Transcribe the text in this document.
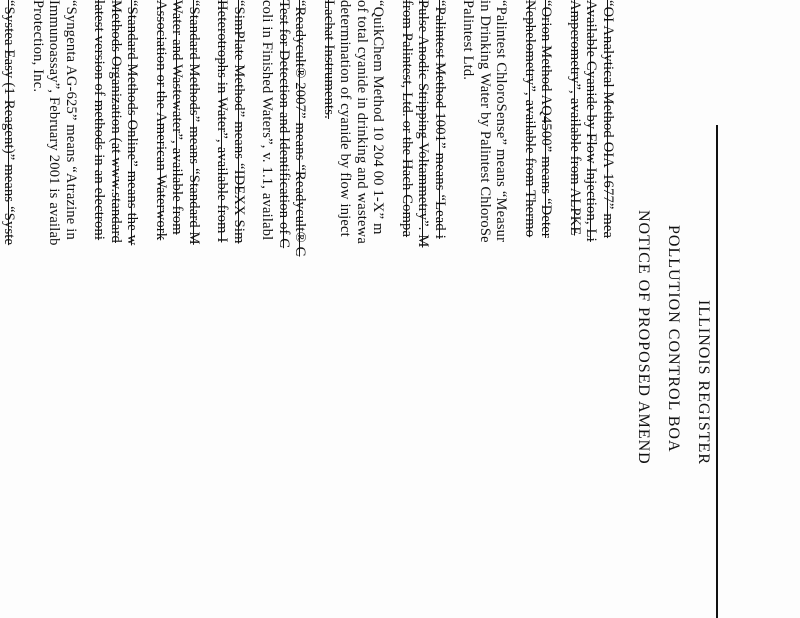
ILLINOIS REGISTER
POLLUTION CONTROL BOA
NOTICE OF PROPOSED AMEND
“OI Analytical Method OIA-1677” mea
Available Cyanide by Flow Injection, Li
Amperometry”, available from ALPKE
“Orion Method AQ4500” means “Deter
Nephelometry”, available from Thermo
“Palintest ChloroSense” means “Measur
in Drinking Water by Palintest ChloroSe
Palintest Ltd.
“Palintest Method 1001” means “Lead i
Pulse Anodic Stripping Voltammetry”. M
from Palintest, Ltd. or the Hach Compa
“QuikChem Method 10 204 00 1-X” m
of total cyanide in drinking and wastewa
determination of cyanide by flow inject
Lachat Instruments.
“Readycult® 2007” means “Readycult® C
Test for Detection and Identification of C
coli in Finished Waters”, v. 1.1, availabl
“SimPlate Method” means “IDEXX Sim
Heterotrophs in Water”, available from I
“Standard Methods” means “Standard M
Water and Wastewater”, available from
Association or the American Waterwork
“Standard Methods Online” means the w
Methods Organization (at www.standard
latest version of methods in an electroni
“Syngenta AG-625” means “Atrazine in
Immunoassay”, February 2001 is availab
Protection, Inc.
“Systea Easy (1-Reagent)” means “Syste
